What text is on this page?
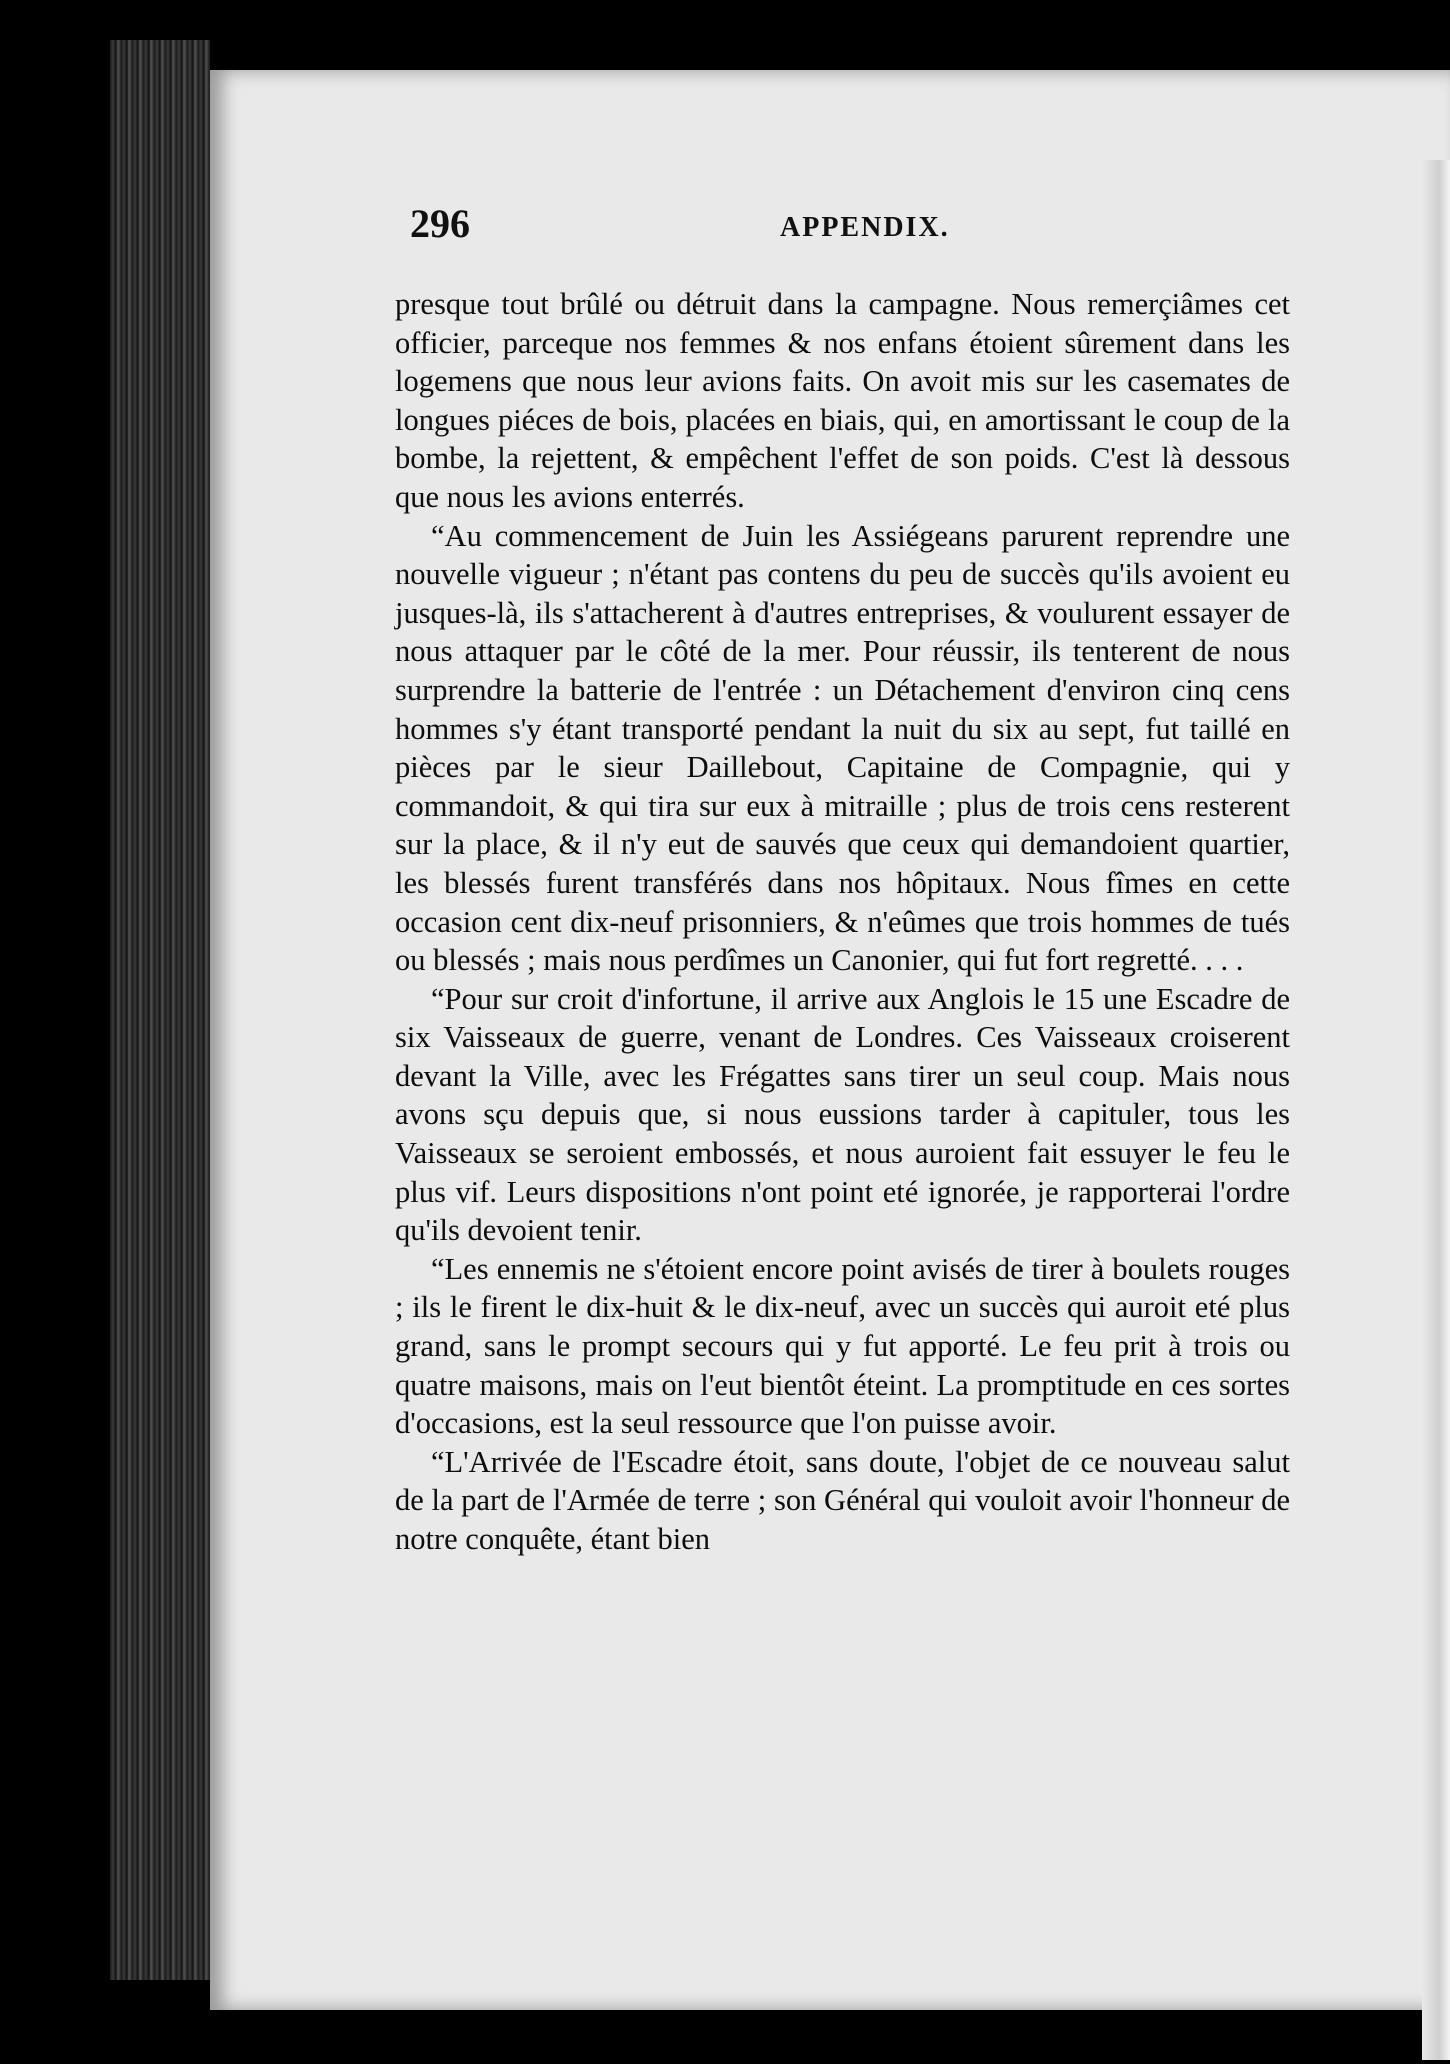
296	APPENDIX.

presque tout brûlé ou détruit dans la campagne. Nous remerçiâmes cet officier, parceque nos femmes & nos enfans étoient sûrement dans les logemens que nous leur avions faits. On avoit mis sur les casemates de longues piéces de bois, placées en biais, qui, en amortissant le coup de la bombe, la rejettent, & empêchent l'effet de son poids. C'est là dessous que nous les avions enterrés.

“Au commencement de Juin les Assiégeans parurent reprendre une nouvelle vigueur ; n'étant pas contens du peu de succès qu'ils avoient eu jusques-là, ils s'attacherent à d'autres entreprises, & voulurent essayer de nous attaquer par le côté de la mer. Pour réussir, ils tenterent de nous surprendre la batterie de l'entrée : un Détachement d'environ cinq cens hommes s'y étant transporté pendant la nuit du six au sept, fut taillé en pièces par le sieur Daillebout, Capitaine de Compagnie, qui y commandoit, & qui tira sur eux à mitraille ; plus de trois cens resterent sur la place, & il n'y eut de sauvés que ceux qui demandoient quartier, les blessés furent transférés dans nos hôpitaux. Nous fîmes en cette occasion cent dix-neuf prisonniers, & n'eûmes que trois hommes de tués ou blessés ; mais nous perdîmes un Canonier, qui fut fort regretté. . . .

“Pour sur croit d'infortune, il arrive aux Anglois le 15 une Escadre de six Vaisseaux de guerre, venant de Londres. Ces Vaisseaux croiserent devant la Ville, avec les Frégattes sans tirer un seul coup. Mais nous avons sçu depuis que, si nous eussions tarder à capituler, tous les Vaisseaux se seroient embossés, et nous auroient fait essuyer le feu le plus vif. Leurs dispositions n'ont point eté ignorée, je rapporterai l'ordre qu'ils devoient tenir.

“Les ennemis ne s'étoient encore point avisés de tirer à boulets rouges ; ils le firent le dix-huit & le dix-neuf, avec un succès qui auroit eté plus grand, sans le prompt secours qui y fut apporté. Le feu prit à trois ou quatre maisons, mais on l'eut bientôt éteint. La promptitude en ces sortes d'occasions, est la seul ressource que l'on puisse avoir.

“L'Arrivée de l'Escadre étoit, sans doute, l'objet de ce nouveau salut de la part de l'Armée de terre ; son Général qui vouloit avoir l'honneur de notre conquête, étant bien
